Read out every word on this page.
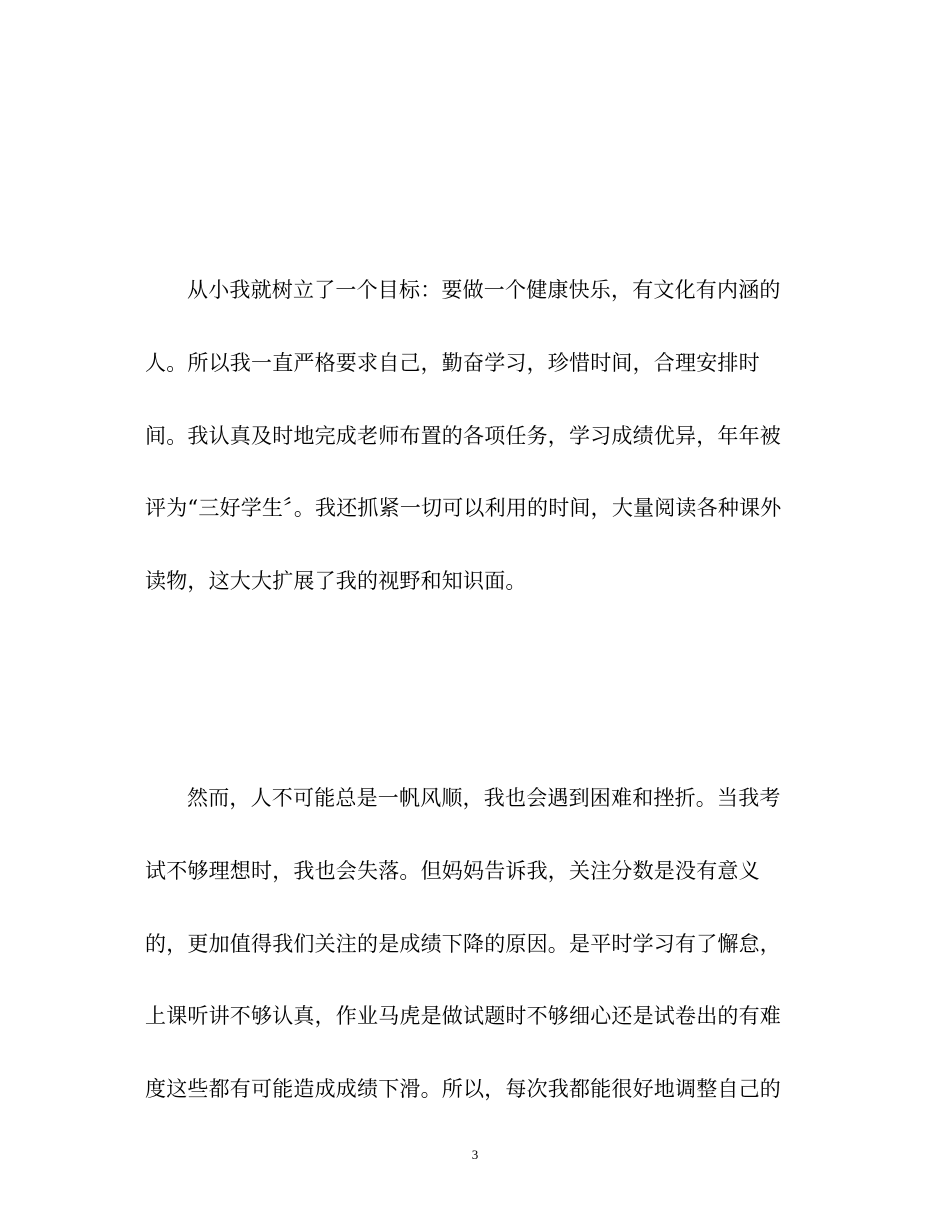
从小我就树立了一个目标：要做一个健康快乐，有文化有内涵的
人。所以我一直严格要求自己，勤奋学习，珍惜时间，合理安排时
间。我认真及时地完成老师布置的各项任务，学习成绩优异，年年被
评为“三好学生〞。我还抓紧一切可以利用的时间，大量阅读各种课外
读物，这大大扩展了我的视野和知识面。
然而，人不可能总是一帆风顺，我也会遇到困难和挫折。当我考
试不够理想时，我也会失落。但妈妈告诉我，关注分数是没有意义
的，更加值得我们关注的是成绩下降的原因。是平时学习有了懈怠，
上课听讲不够认真，作业马虎是做试题时不够细心还是试卷出的有难
度这些都有可能造成成绩下滑。所以，每次我都能很好地调整自己的
3
